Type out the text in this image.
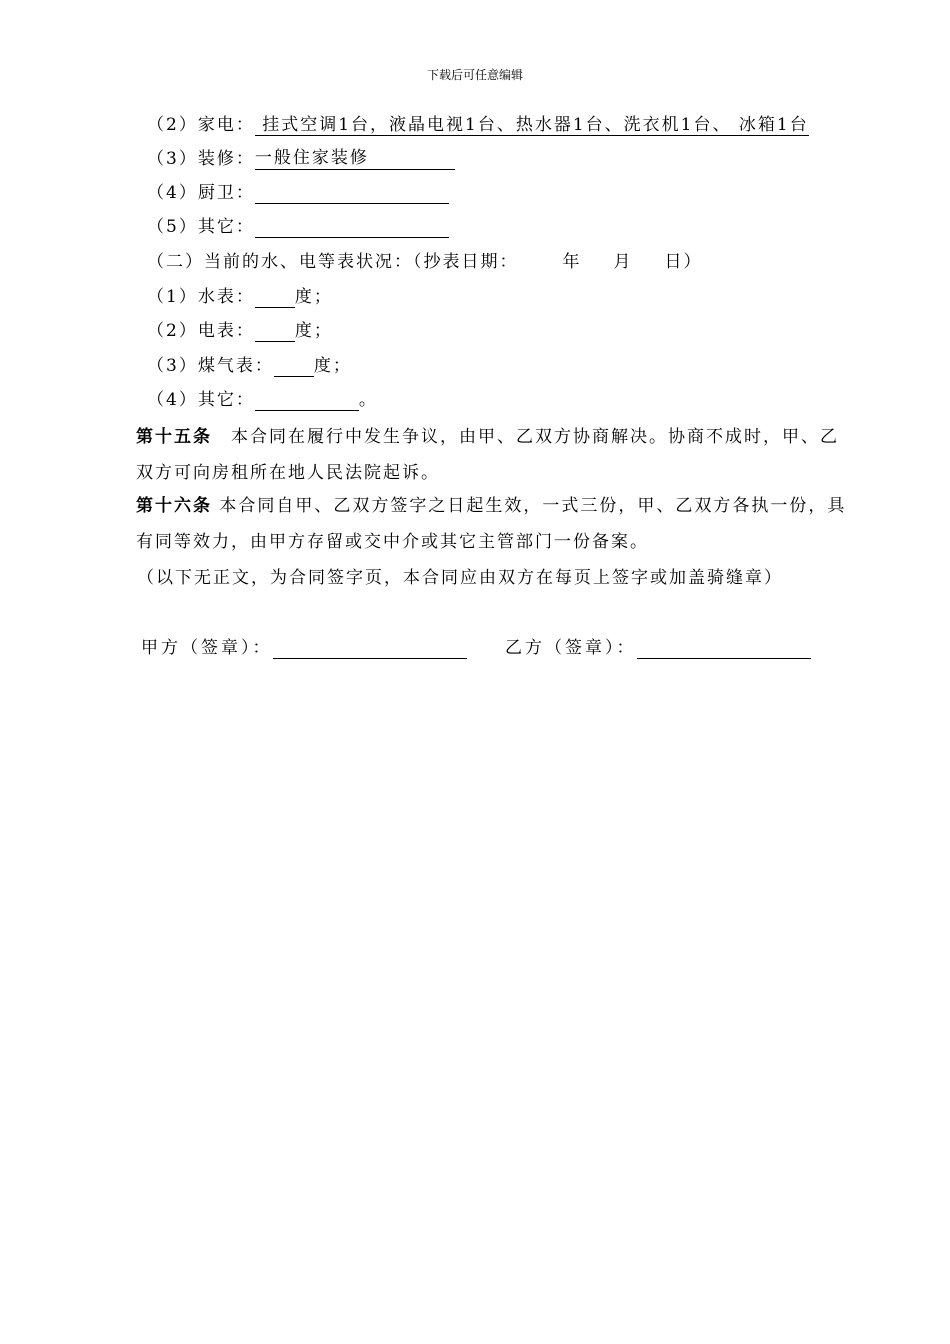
下载后可任意编辑
（2）家电： 挂式空调1台，液晶电视1台、热水器1台、洗衣机1台、 冰箱1台
（3）装修： 一般住家装修
（4）厨卫：
（5）其它：
（二）当前的水、电等表状况：（抄表日期：	年 月 日）
（1）水表： 度；
（2）电表： 度；
（3）煤气表： 度；
（4）其它：	。
第十五条　本合同在履行中发生争议，由甲、乙双方协商解决。协商不成时，甲、乙双方可向房租所在地人民法院起诉。
第十六条 本合同自甲、乙双方签字之日起生效，一式三份，甲、乙双方各执一份，具有同等效力，由甲方存留或交中介或其它主管部门一份备案。
（以下无正文，为合同签字页，本合同应由双方在每页上签字或加盖骑缝章）
甲方（签章）：	乙方（签章）：
